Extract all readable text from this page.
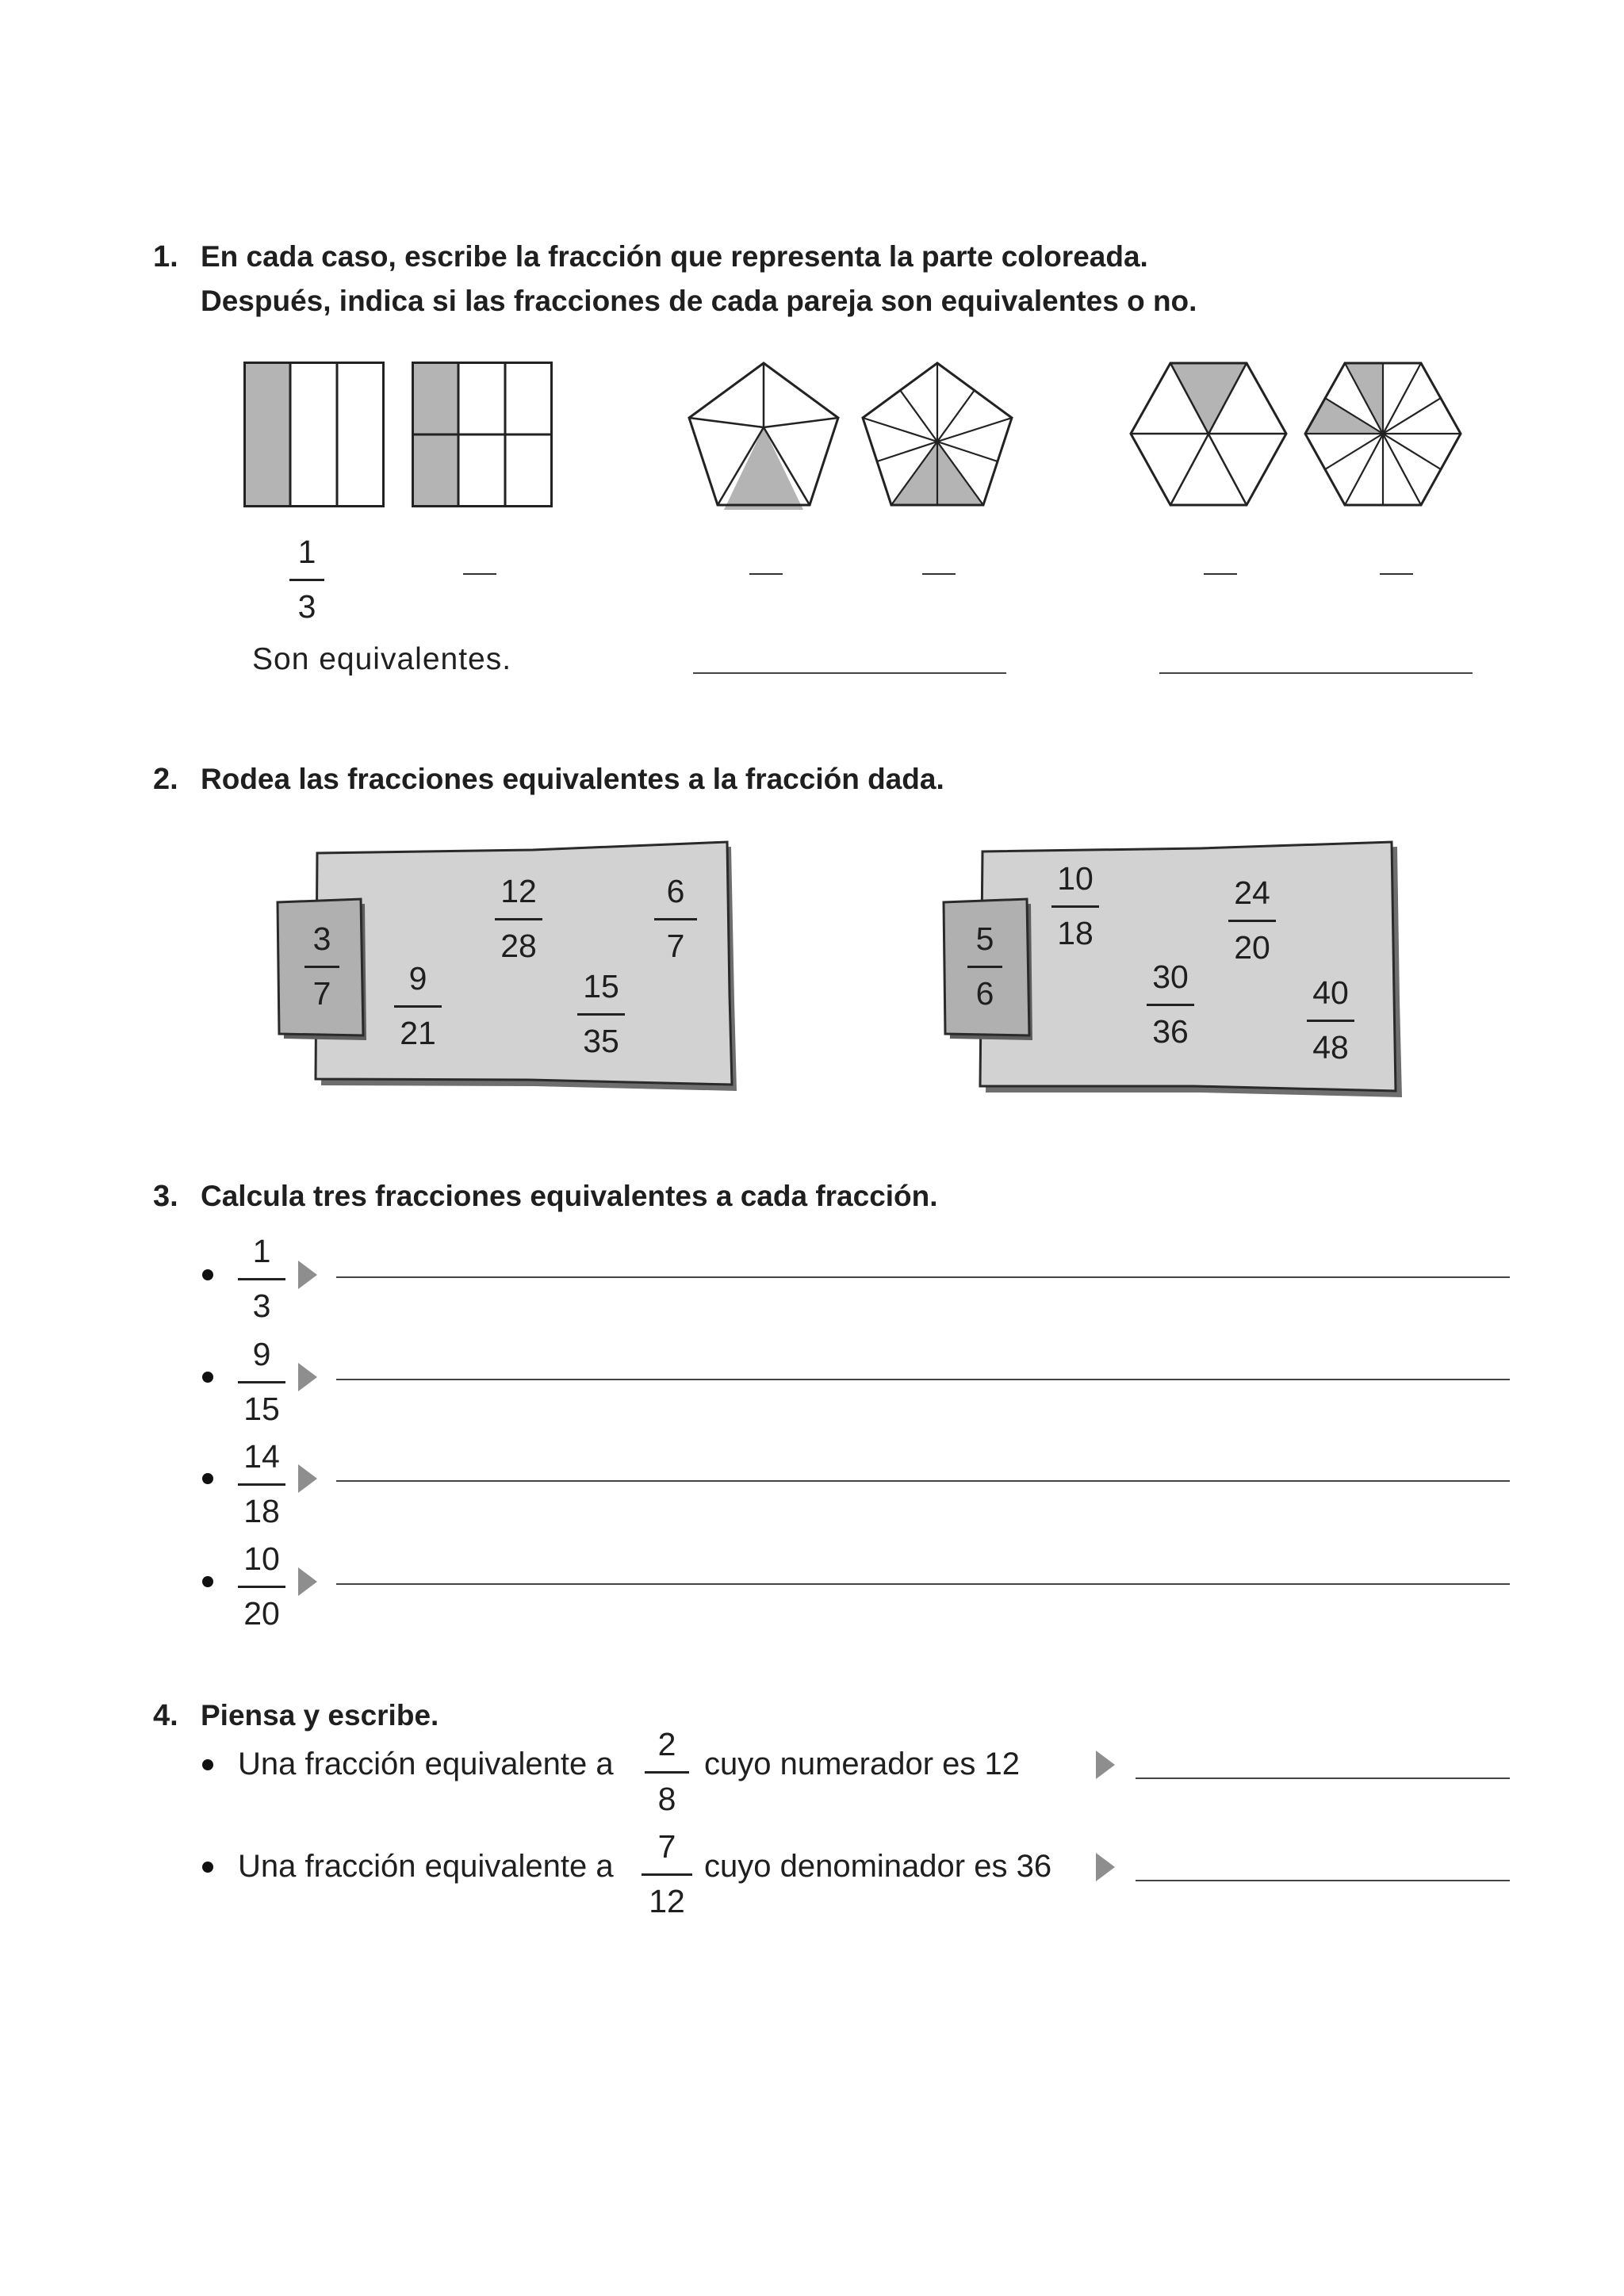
1. En cada caso, escribe la fracción que representa la parte coloreada.
Después, indica si las fracciones de cada pareja son equivalentes o no.
1
3
Son equivalentes.
2. Rodea las fracciones equivalentes a la fracción dada.
3
7
12
28
6
7
9
21
15
35
5
6
10
18
24
20
30
36
40
48
3. Calcula tres fracciones equivalentes a cada fracción.
1
3
9
15
14
18
10
20
4. Piensa y escribe.
Una fracción equivalente a
2
8
cuyo numerador es 12
Una fracción equivalente a
7
12
cuyo denominador es 36
